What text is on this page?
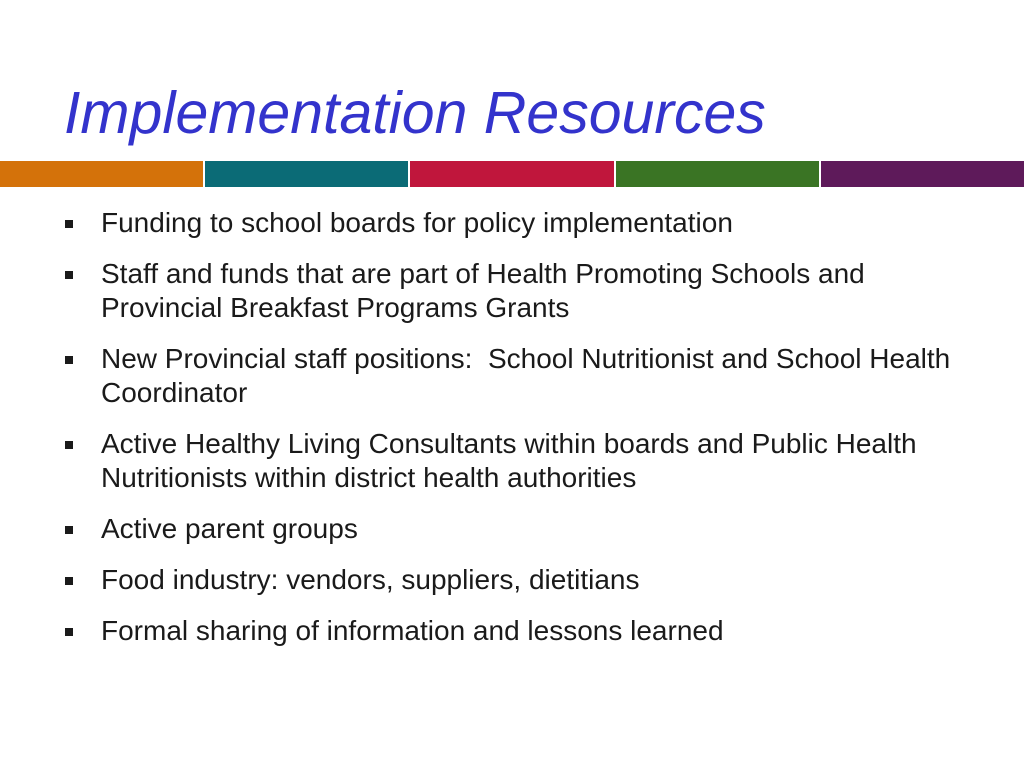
Implementation Resources
Funding to school boards for policy implementation
Staff and funds that are part of Health Promoting Schools and Provincial Breakfast Programs Grants
New Provincial staff positions:  School Nutritionist and School Health Coordinator
Active Healthy Living Consultants within boards and Public Health Nutritionists within district health authorities
Active parent groups
Food industry: vendors, suppliers, dietitians
Formal sharing of information and lessons learned
